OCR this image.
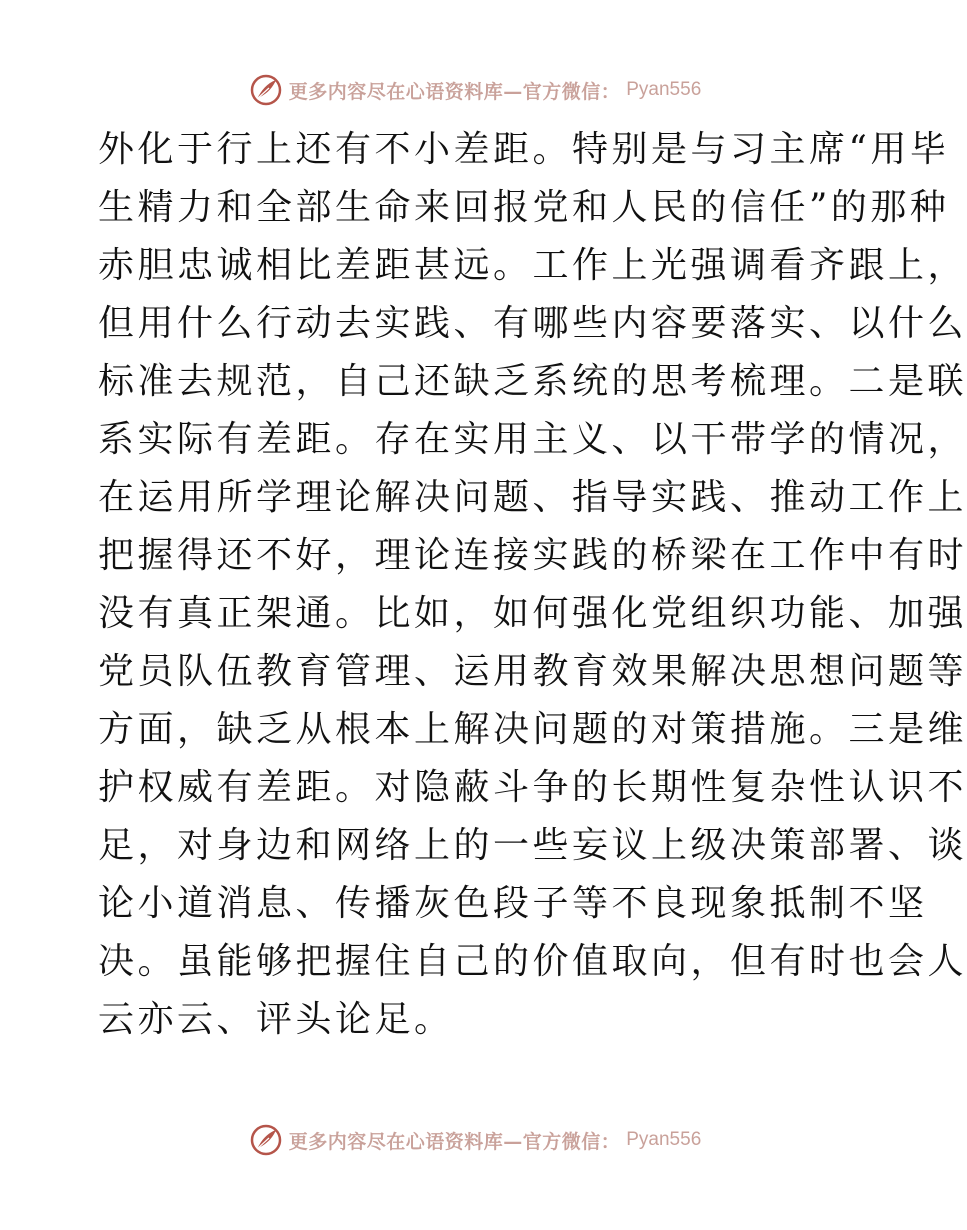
更多内容尽在心语资料库—官方微信： Pyan556
外化于行上还有不小差距。特别是与习主席“用毕
生精力和全部生命来回报党和人民的信任”的那种
赤胆忠诚相比差距甚远。工作上光强调看齐跟上，
但用什么行动去实践、有哪些内容要落实、以什么
标准去规范，自己还缺乏系统的思考梳理。二是联
系实际有差距。存在实用主义、以干带学的情况，
在运用所学理论解决问题、指导实践、推动工作上
把握得还不好，理论连接实践的桥梁在工作中有时
没有真正架通。比如，如何强化党组织功能、加强
党员队伍教育管理、运用教育效果解决思想问题等
方面，缺乏从根本上解决问题的对策措施。三是维
护权威有差距。对隐蔽斗争的长期性复杂性认识不
足，对身边和网络上的一些妄议上级决策部署、谈
论小道消息、传播灰色段子等不良现象抵制不坚
决。虽能够把握住自己的价值取向，但有时也会人
云亦云、评头论足。
更多内容尽在心语资料库—官方微信： Pyan556
